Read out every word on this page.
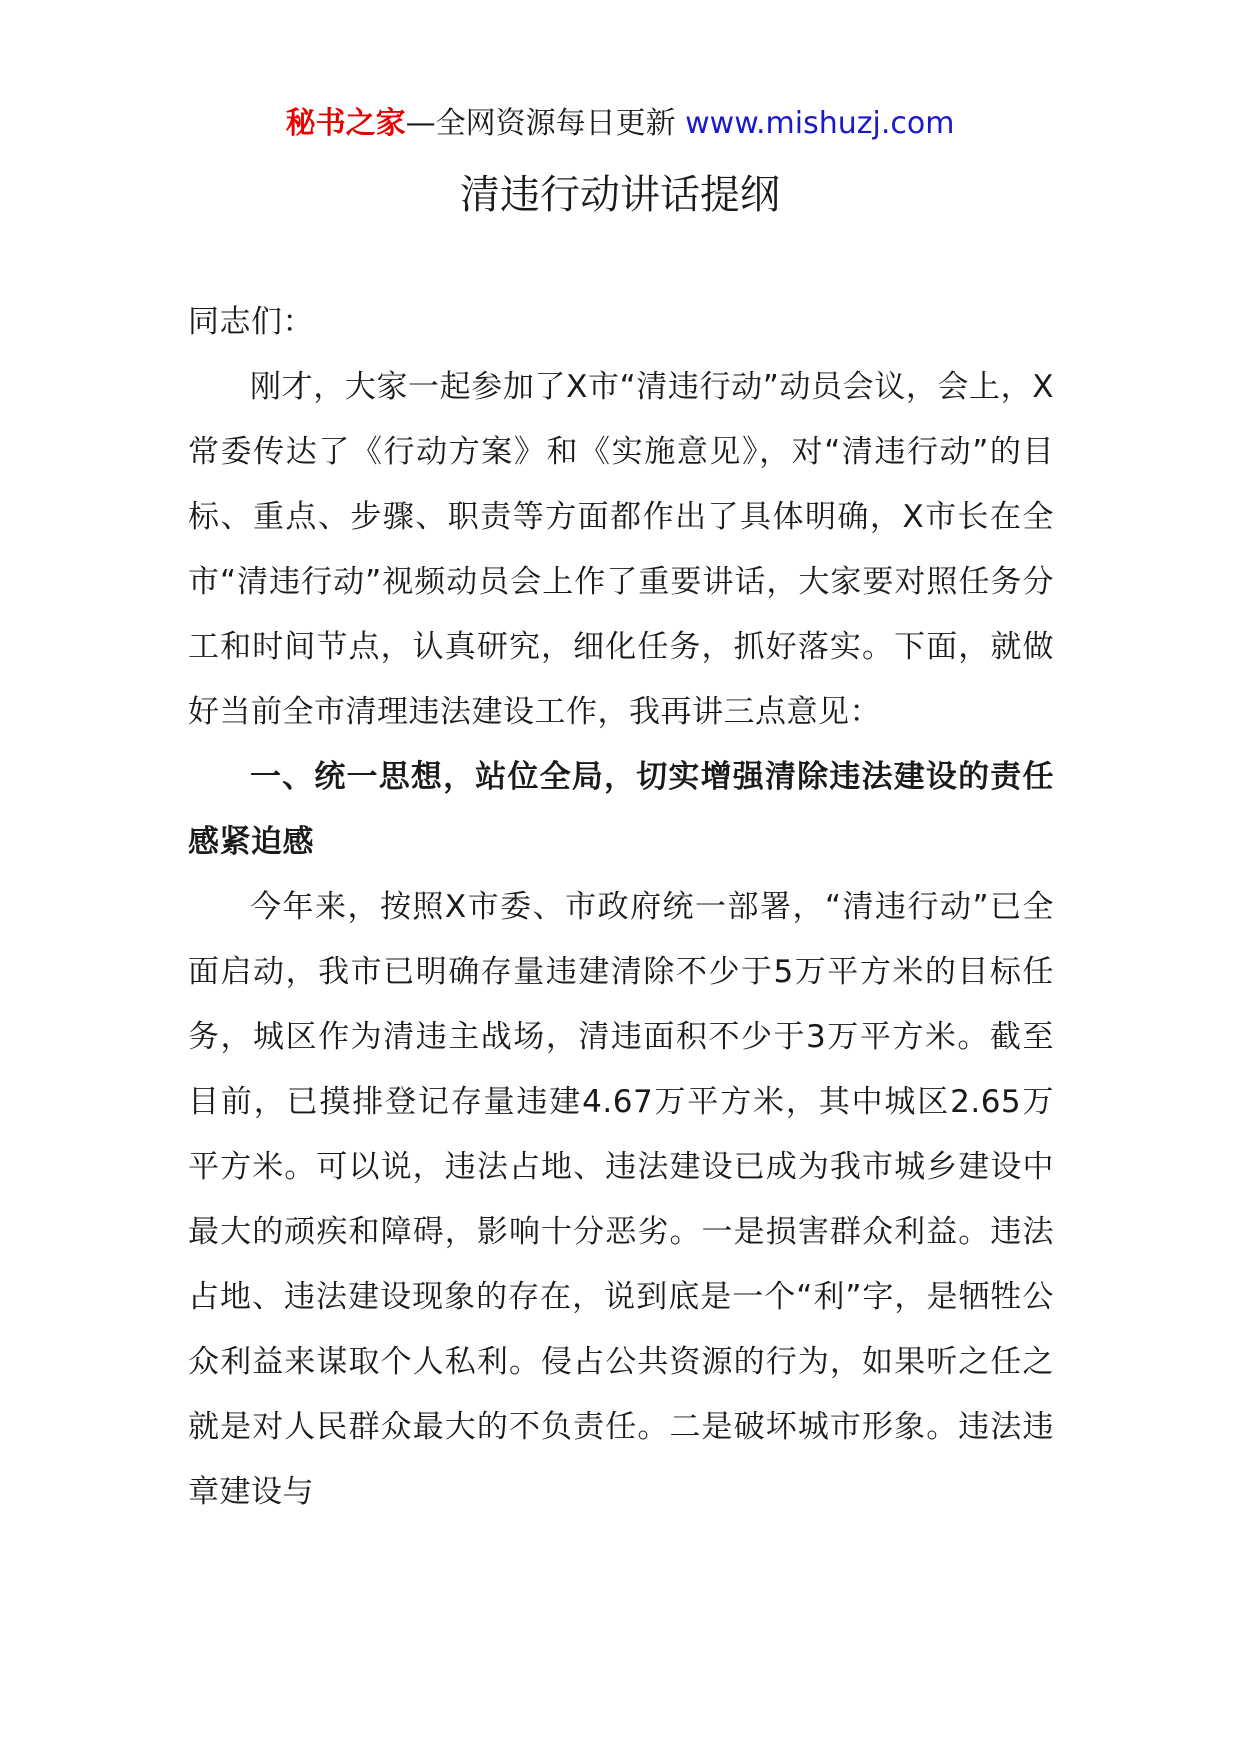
秘书之家—全网资源每日更新 www.mishuzj.com
清违行动讲话提纲

同志们：

刚才，大家一起参加了X市“清违行动”动员会议，会上，X常委传达了《行动方案》和《实施意见》，对“清违行动”的目标、重点、步骤、职责等方面都作出了具体明确，X市长在全市“清违行动”视频动员会上作了重要讲话，大家要对照任务分工和时间节点，认真研究，细化任务，抓好落实。下面，就做好当前全市清理违法建设工作，我再讲三点意见：

一、统一思想，站位全局，切实增强清除违法建设的责任感紧迫感

今年来，按照X市委、市政府统一部署，“清违行动”已全面启动，我市已明确存量违建清除不少于5万平方米的目标任务，城区作为清违主战场，清违面积不少于3万平方米。截至目前，已摸排登记存量违建4.67万平方米，其中城区2.65万平方米。可以说，违法占地、违法建设已成为我市城乡建设中最大的顽疾和障碍，影响十分恶劣。一是损害群众利益。违法占地、违法建设现象的存在，说到底是一个“利”字，是牺牲公众利益来谋取个人私利。侵占公共资源的行为，如果听之任之就是对人民群众最大的不负责任。二是破坏城市形象。违法违章建设与
